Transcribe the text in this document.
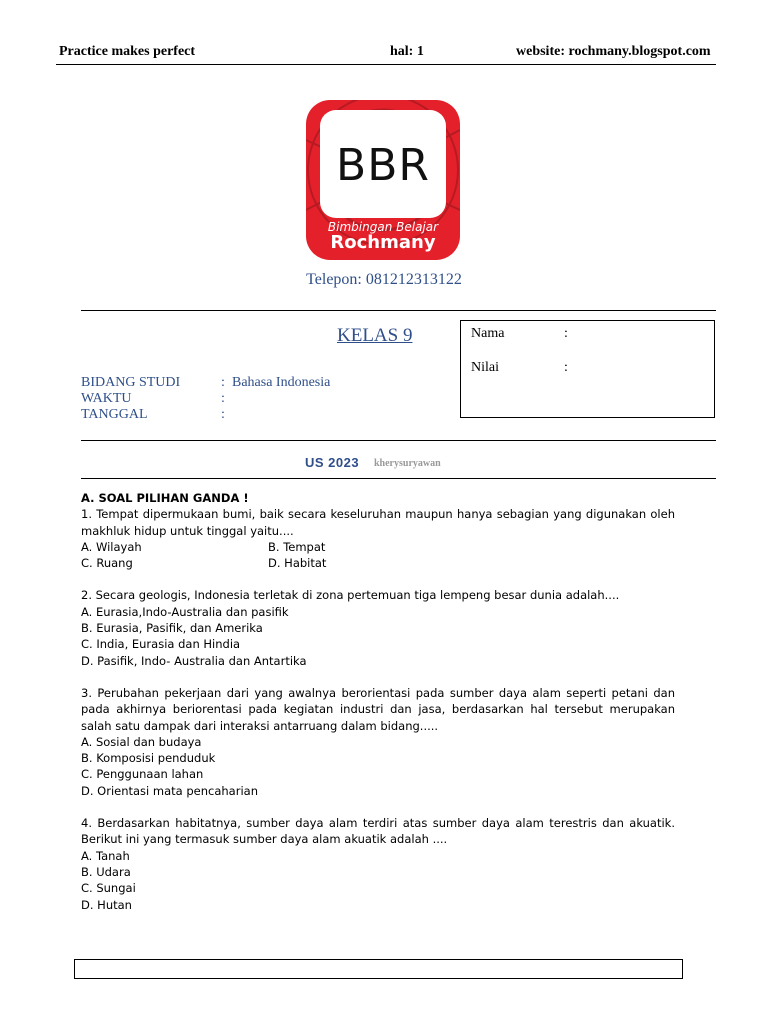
Practice makes perfect	hal: 1	website: rochmany.blogspot.com
BBR
Bimbingan Belajar
Rochmany
Telepon: 081212313122
KELAS 9	Nama	:
Nilai	:
BIDANG STUDI	: Bahasa Indonesia
WAKTU	:
TANGGAL	:
US 2023 kherysuryawan

A. SOAL PILIHAN GANDA !

1. Tempat dipermukaan bumi, baik secara keseluruhan maupun hanya sebagian yang digunakan oleh makhluk hidup untuk tinggal yaitu....

A. Wilayah	B. Tempat
C. Ruang	D. Habitat

2. Secara geologis, Indonesia terletak di zona pertemuan tiga lempeng besar dunia adalah....

A. Eurasia,Indo-Australia dan pasifik

B. Eurasia, Pasifik, dan Amerika

C. India, Eurasia dan Hindia

D. Pasifik, Indo- Australia dan Antartika

3. Perubahan pekerjaan dari yang awalnya berorientasi pada sumber daya alam seperti petani dan pada akhirnya beriorentasi pada kegiatan industri dan jasa, berdasarkan hal tersebut merupakan salah satu dampak dari interaksi antarruang dalam bidang.....

A. Sosial dan budaya

B. Komposisi penduduk

C. Penggunaan lahan

D. Orientasi mata pencaharian

4. Berdasarkan habitatnya, sumber daya alam terdiri atas sumber daya alam terestris dan akuatik. Berikut ini yang termasuk sumber daya alam akuatik adalah ....

A. Tanah

B. Udara

C. Sungai

D. Hutan
